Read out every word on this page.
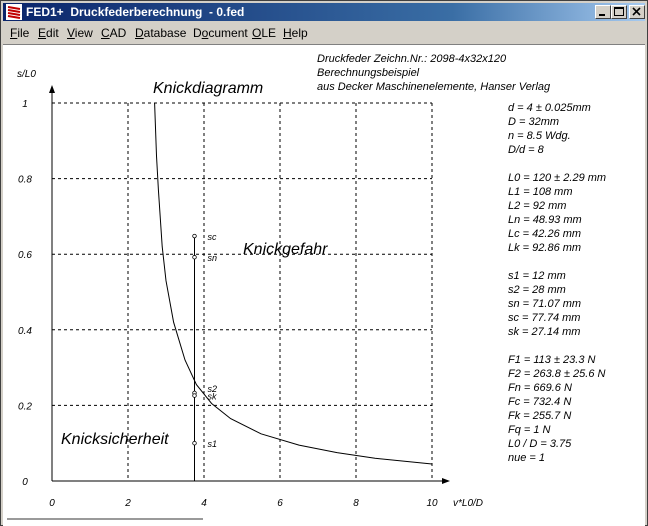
FED1+  Druckfederberechnung  - 0.fed
File Edit View CAD Database Document OLE Help
Druckfeder Zeichn.Nr.: 2098-4x32x120
Berechnungsbeispiel
aus Decker Maschinenelemente, Hanser Verlag
Knickdiagramm
s/L0
v*L0/D
0	2	4	6	8	10
0
0.2
0.4
0.6
0.8
1
sc
sn
s2
sk
s1
Knickgefahr
Knicksicherheit
d = 4 ± 0.025mm
D = 32mm
n = 8.5 Wdg.
D/d = 8
L0 = 120 ± 2.29 mm
L1 = 108 mm
L2 = 92 mm
Ln = 48.93 mm
Lc = 42.26 mm
Lk = 92.86 mm
s1 = 12 mm
s2 = 28 mm
sn = 71.07 mm
sc = 77.74 mm
sk = 27.14 mm
F1 = 113 ± 23.3 N
F2 = 263.8 ± 25.6 N
Fn = 669.6 N
Fc = 732.4 N
Fk = 255.7 N
Fq = 1 N
L0 / D = 3.75
nue = 1
